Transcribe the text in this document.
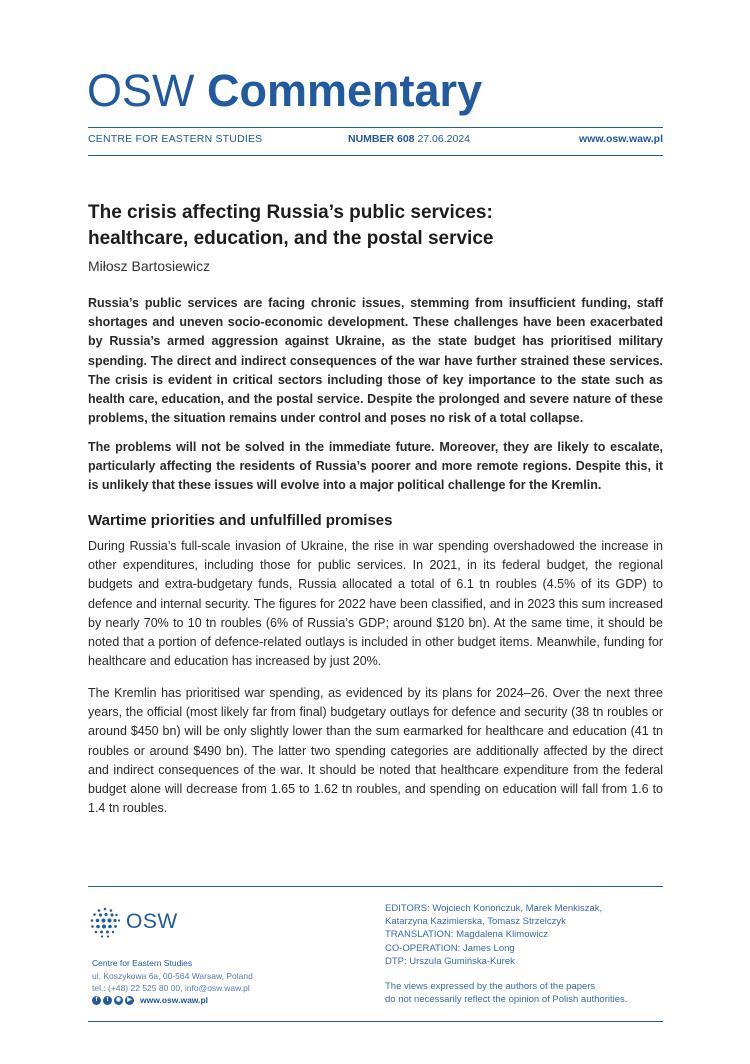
OSW Commentary
CENTRE FOR EASTERN STUDIES	NUMBER 608 27.06.2024	www.osw.waw.pl
The crisis affecting Russia’s public services:
healthcare, education, and the postal service
Miłosz Bartosiewicz

Russia’s public services are facing chronic issues, stemming from insufficient funding, staff shortages and uneven socio-economic development. These challenges have been exacerbated by Russia’s armed aggression against Ukraine, as the state budget has prioritised military spending. The direct and indirect consequences of the war have further strained these services. The crisis is evident in critical sectors including those of key importance to the state such as health care, education, and the postal service. Despite the prolonged and severe nature of these problems, the situation remains under control and poses no risk of a total collapse.

The problems will not be solved in the immediate future. Moreover, they are likely to escalate, particularly affecting the residents of Russia’s poorer and more remote regions. Despite this, it is unlikely that these issues will evolve into a major political challenge for the Kremlin.

Wartime priorities and unfulfilled promises

During Russia’s full-scale invasion of Ukraine, the rise in war spending overshadowed the increase in other expenditures, including those for public services. In 2021, in its federal budget, the regional budgets and extra-budgetary funds, Russia allocated a total of 6.1 tn roubles (4.5% of its GDP) to defence and internal security. The figures for 2022 have been classified, and in 2023 this sum increased by nearly 70% to 10 tn roubles (6% of Russia’s GDP; around $120 bn). At the same time, it should be noted that a portion of defence-related outlays is included in other budget items. Meanwhile, funding for healthcare and education has increased by just 20%.

The Kremlin has prioritised war spending, as evidenced by its plans for 2024–26. Over the next three years, the official (most likely far from final) budgetary outlays for defence and security (38 tn roubles or around $450 bn) will be only slightly lower than the sum earmarked for healthcare and education (41 tn roubles or around $490 bn). The latter two spending categories are additionally affected by the direct and indirect consequences of the war. It should be noted that healthcare expenditure from the federal budget alone will decrease from 1.65 to 1.62 tn roubles, and spending on education will fall from 1.6 to 1.4 tn roubles.

OSW
Centre for Eastern Studies
ul. Koszykowa 6a, 00-564 Warsaw, Poland
tel.: (+48) 22 525 80 00, info@osw.waw.pl
f	t	◉	▶ www.osw.waw.pl
EDITORS: Wojciech Konończuk, Marek Menkiszak,
Katarzyna Kazimierska, Tomasz Strzelczyk
TRANSLATION: Magdalena Klimowicz
CO-OPERATION: James Long
DTP: Urszula Gumińska-Kurek
The views expressed by the authors of the papers
do not necessarily reflect the opinion of Polish authorities.
